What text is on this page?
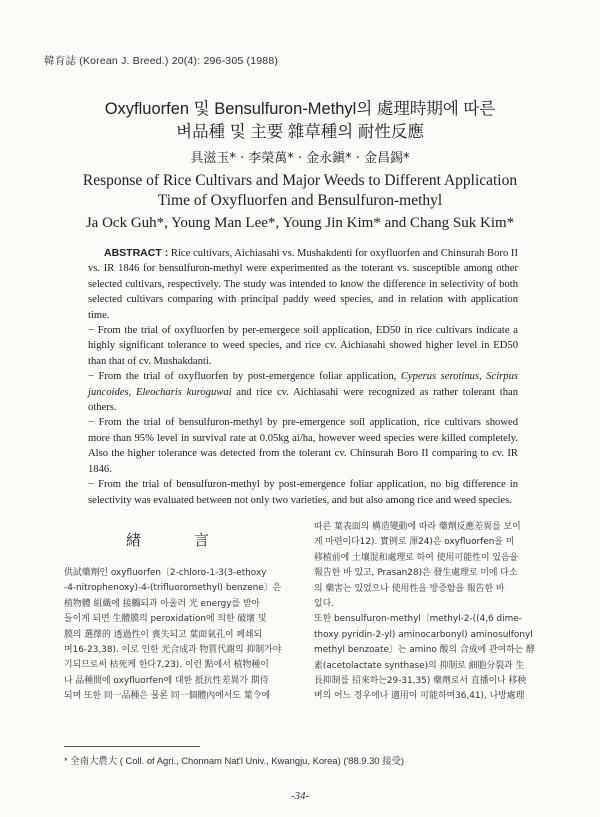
韓育誌 (Korean J. Breed.) 20(4): 296-305 (1988)
Oxyfluorfen 및 Bensulfuron-Methyl의 處理時期에 따른
벼品種 및 主要 雜草種의 耐性反應
具滋玉* · 李榮萬* · 金永鎭* · 金昌錫*
Response of Rice Cultivars and Major Weeds to Different Application
Time of Oxyfluorfen and Bensulfuron-methyl
Ja Ock Guh*, Young Man Lee*, Young Jin Kim* and Chang Suk Kim*

ABSTRACT : Rice cultivars, Aichiasahi vs. Mushakdenti for oxyfluorfen and Chinsurah Boro II vs. IR 1846 for bensulfuron-methyl were experimented as the toterant vs. susceptible among other selected cultivars, respectively. The study was intended to know the difference in selectivity of both selected cultivars comparing with principal paddy weed species, and in relation with application time.

− From the trial of oxyfluorfen by per-emergece soil application, ED50 in rice cultivars indicate a highly significant tolerance to weed species, and rice cv. Aichiasahi showed higher level in ED50 than that of cv. Mushakdanti.

− From the trial of oxyfluorfen by post-emergence foliar application, Cyperus serotinus, Scirpus juncoides, Eleocharis kuroguwai and rice cv. Aichiasahi were recognized as rather tolerant than others.

− From the trial of bensulfuron-methyl by pre-emergence soil application, rice cultivars showed more than 95% level in survival rate at 0.05kg ai/ha, however weed species were killed completely. Also the higher tolerance was detected from the tolerant cv. Chinsurah Boro II comparing to cv. IR 1846.

− From the trial of bensulfuron-methyl by post-emergence foliar application, no big difference in selectivity was evaluated between not only two varieties, and but also among rice and weed species.

緖	言
供試藥劑인 oxyfluorfen〔2-chloro-1-3(3-ethoxy
-4-nitrophenoxy)-4-(trifluoromethyl) benzene〕은
植物體 組織에 接觸되과 아울러 光 energy를 받아
들이게 되면 生體膜의 peroxidation에 의한 破壞 및
膜의 選擇的 透過性이 喪失되고 葉面氣孔이 폐쇄되
며16-23,38). 이로 인한 光合成과 物質代謝의 抑制가야
기되므로써 枯死케 한다7,23). 이런 點에서 植物種이
나 品種間에 oxyfluorfen에 대한 抵抗性差異가 期待
되며 또한 同一品種은 물론 同一個體內에서도 葉令에
따른 葉表面의 構造變動에 따라 藥劑反應差異를 보이
게 마련이다12). 實例로 渾24)은 oxyfluorfen을 미
移植前에 土壤混和處理로 하여 使用可能性이 있음을
報告한 바 있고, Prasan28)은 發生處理로 미에 다소
의 藥害는 있었으나 使用性을 방증함을 報告한 바
있다.
또한 bensulfuron-methyl〔methyl-2-((4,6 dime-
thoxy pyridin-2-yl) aminocarbonyl) aminosulfonyl
methyl benzoate〕는 amino 酸의 合成에 관여하는 酵
素(acetolactate synthase)의 抑制로 細胞分裂과 生
長抑制를 招來하는29-31,35) 藥劑로서 直播이나 移秧
벼의 어느 경우에나 適用이 可能하며36,41), 나방處理
* 全南大農大 ( Coll. of Agri., Chonnam Nat'l Univ., Kwangju, Korea) ('88.9.30 接受)
-34-
